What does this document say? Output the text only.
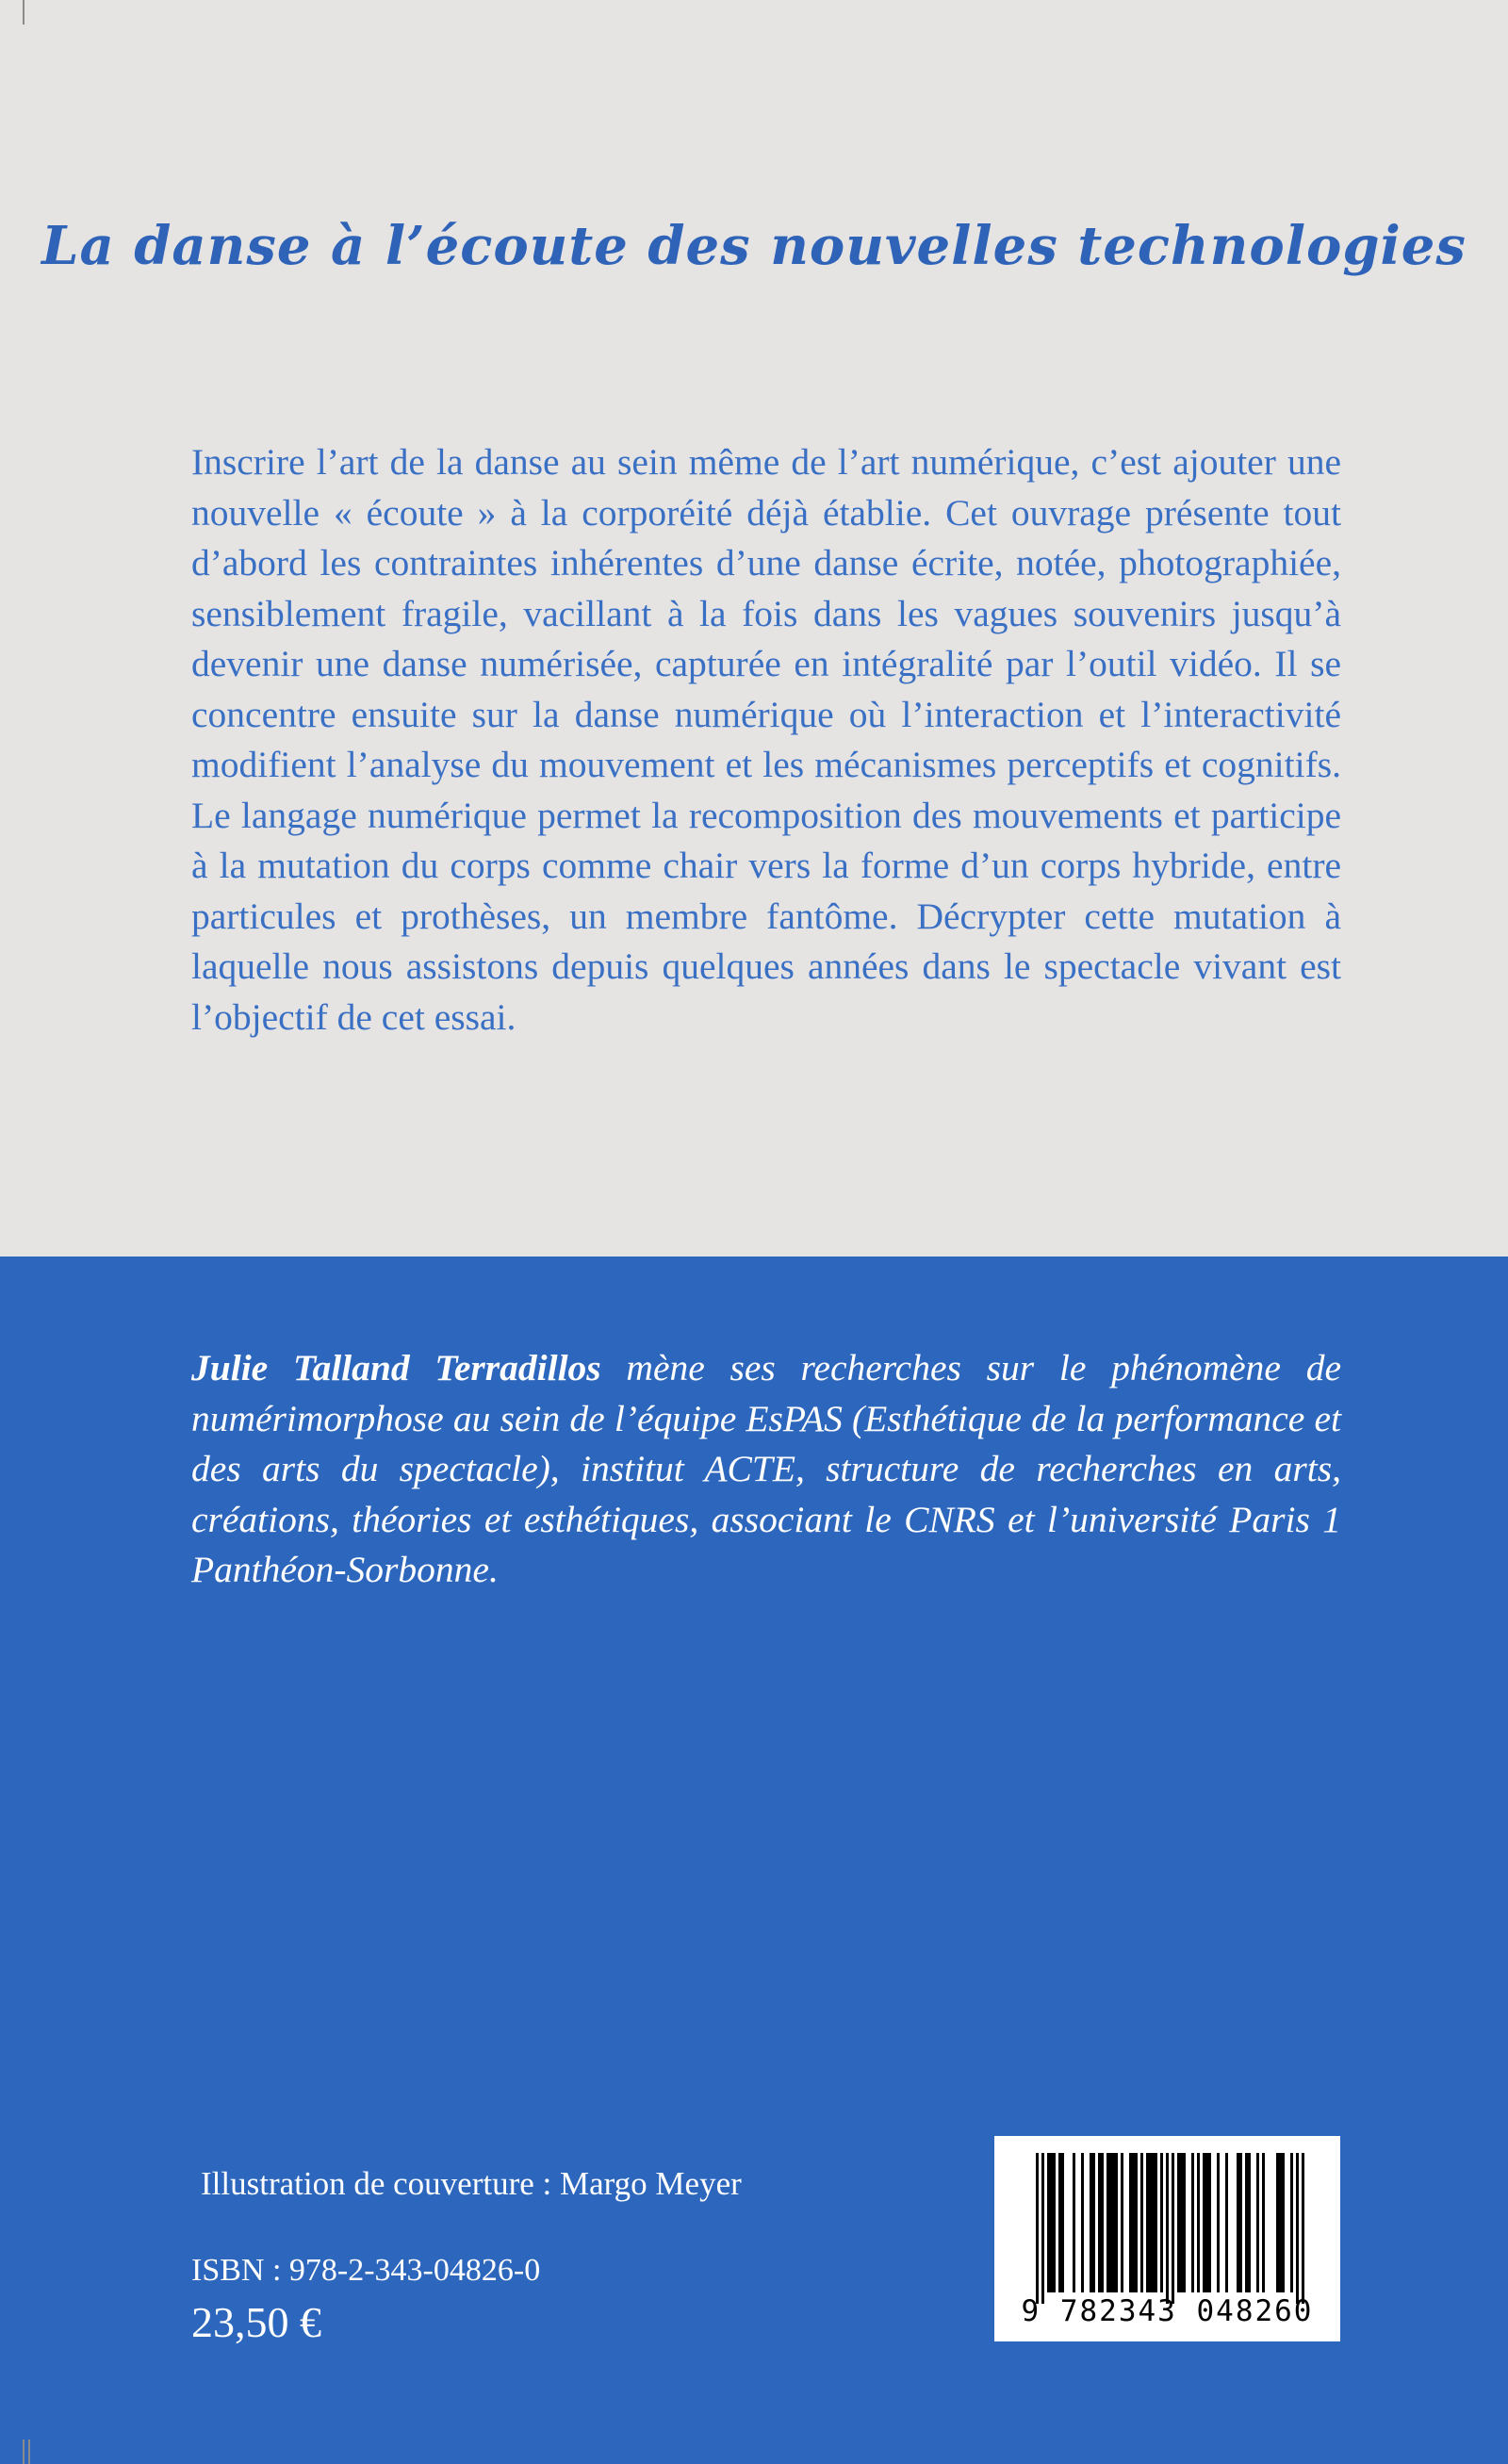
La danse à l’écoute des nouvelles technologies

Inscrire l’art de la danse au sein même de l’art numérique, c’est ajouter une nouvelle « écoute » à la corporéité déjà établie. Cet ouvrage présente tout d’abord les contraintes inhérentes d’une danse écrite, notée, photographiée, sensiblement fragile, vacillant à la fois dans les vagues souvenirs jusqu’à devenir une danse numérisée, capturée en intégralité par l’outil vidéo. Il se concentre ensuite sur la danse numérique où l’interaction et l’interactivité modifient l’analyse du mouvement et les mécanismes perceptifs et cognitifs. Le langage numérique permet la recomposition des mouvements et participe à la mutation du corps comme chair vers la forme d’un corps hybride, entre particules et prothèses, un membre fantôme. Décrypter cette mutation à laquelle nous assistons depuis quelques années dans le spectacle vivant est l’objectif de cet essai.

Julie Talland Terradillos mène ses recherches sur le phénomène de numérimorphose au sein de l’équipe EsPAS (Esthétique de la performance et des arts du spectacle), institut ACTE, structure de recherches en arts, créations, théories et esthétiques, associant le CNRS et l’université Paris 1 Panthéon-Sorbonne.

Illustration de couverture : Margo Meyer
ISBN : 978-2-343-04826-0
23,50 €	9 782343 048260
